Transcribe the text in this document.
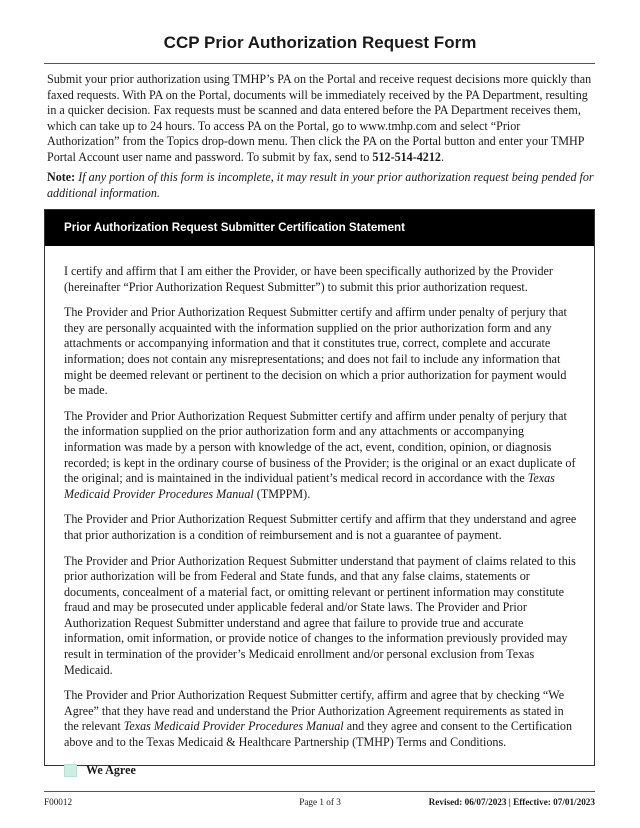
CCP Prior Authorization Request Form

Submit your prior authorization using TMHP’s PA on the Portal and receive request decisions more quickly than faxed requests. With PA on the Portal, documents will be immediately received by the PA Department, resulting in a quicker decision. Fax requests must be scanned and data entered before the PA Department receives them, which can take up to 24 hours. To access PA on the Portal, go to www.tmhp.com and select “Prior Authorization” from the Topics drop-down menu. Then click the PA on the Portal button and enter your TMHP Portal Account user name and password. To submit by fax, send to 512-514-4212.

Note: If any portion of this form is incomplete, it may result in your prior authorization request being pended for additional information.

Prior Authorization Request Submitter Certification Statement

I certify and affirm that I am either the Provider, or have been specifically authorized by the Provider (hereinafter “Prior Authorization Request Submitter”) to submit this prior authorization request.

The Provider and Prior Authorization Request Submitter certify and affirm under penalty of perjury that they are personally acquainted with the information supplied on the prior authorization form and any attachments or accompanying information and that it constitutes true, correct, complete and accurate information; does not contain any misrepresentations; and does not fail to include any information that might be deemed relevant or pertinent to the decision on which a prior authorization for payment would be made.

The Provider and Prior Authorization Request Submitter certify and affirm under penalty of perjury that the information supplied on the prior authorization form and any attachments or accompanying information was made by a person with knowledge of the act, event, condition, opinion, or diagnosis recorded; is kept in the ordinary course of business of the Provider; is the original or an exact duplicate of the original; and is maintained in the individual patient’s medical record in accordance with the Texas Medicaid Provider Procedures Manual (TMPPM).

The Provider and Prior Authorization Request Submitter certify and affirm that they understand and agree that prior authorization is a condition of reimbursement and is not a guarantee of payment.

The Provider and Prior Authorization Request Submitter understand that payment of claims related to this prior authorization will be from Federal and State funds, and that any false claims, statements or documents, concealment of a material fact, or omitting relevant or pertinent information may constitute fraud and may be prosecuted under applicable federal and/or State laws. The Provider and Prior Authorization Request Submitter understand and agree that failure to provide true and accurate information, omit information, or provide notice of changes to the information previously provided may result in termination of the provider’s Medicaid enrollment and/or personal exclusion from Texas Medicaid.

The Provider and Prior Authorization Request Submitter certify, affirm and agree that by checking “We Agree” that they have read and understand the Prior Authorization Agreement requirements as stated in the relevant Texas Medicaid Provider Procedures Manual and they agree and consent to the Certification above and to the Texas Medicaid & Healthcare Partnership (TMHP) Terms and Conditions.

We Agree
F00012	Page 1 of 3	Revised: 06/07/2023 | Effective: 07/01/2023
